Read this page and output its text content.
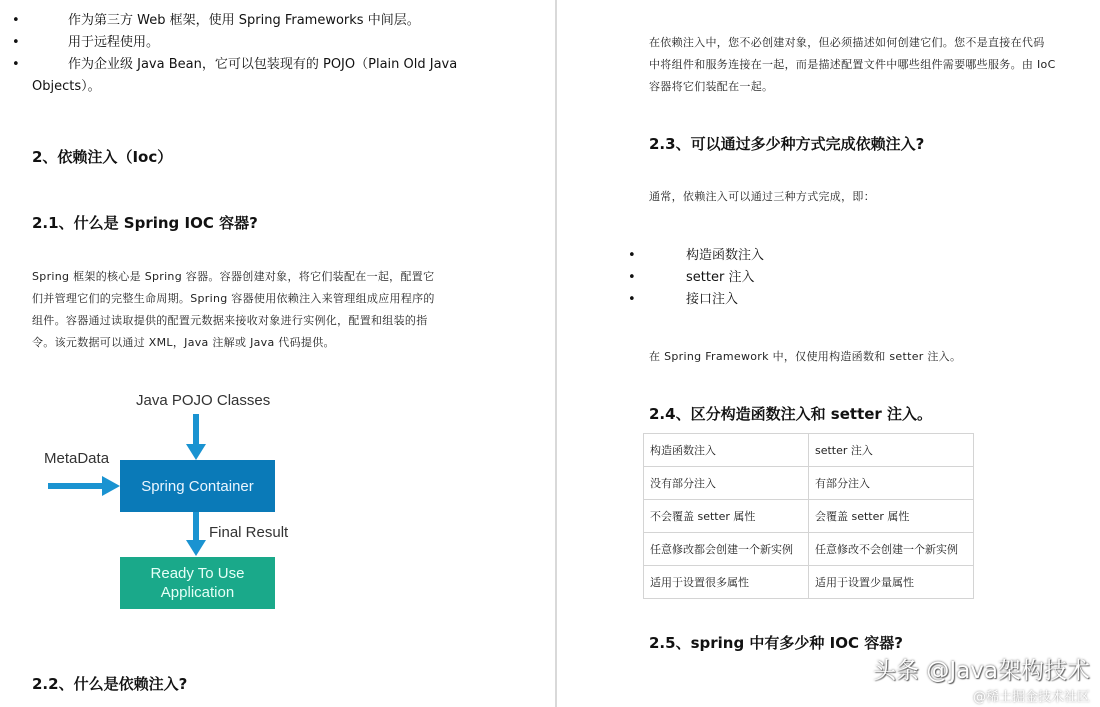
•	作为第三方 Web 框架，使用 Spring Frameworks 中间层。
•	用于远程使用。
•	作为企业级 Java Bean，它可以包装现有的 POJO（Plain Old Java
Objects）。
2、依赖注入（Ioc）
2.1、什么是 Spring IOC 容器?
Spring 框架的核心是 Spring 容器。容器创建对象，将它们装配在一起，配置它
们并管理它们的完整生命周期。Spring 容器使用依赖注入来管理组成应用程序的
组件。容器通过读取提供的配置元数据来接收对象进行实例化，配置和组装的指
令。该元数据可以通过 XML，Java 注解或 Java 代码提供。
Java POJO Classes
MetaData
Final Result
Spring Container
Ready To Use
Application
2.2、什么是依赖注入?
在依赖注入中，您不必创建对象，但必须描述如何创建它们。您不是直接在代码
中将组件和服务连接在一起，而是描述配置文件中哪些组件需要哪些服务。由 IoC
容器将它们装配在一起。
2.3、可以通过多少种方式完成依赖注入?
通常，依赖注入可以通过三种方式完成，即：
•	构造函数注入
•	setter 注入
•	接口注入
在 Spring Framework 中，仅使用构造函数和 setter 注入。
2.4、区分构造函数注入和 setter 注入。
构造函数注入	setter 注入
没有部分注入	有部分注入
不会覆盖 setter 属性	会覆盖 setter 属性
任意修改都会创建一个新实例	任意修改不会创建一个新实例
适用于设置很多属性	适用于设置少量属性
2.5、spring 中有多少种 IOC 容器?
头条 @Java架构技术
@稀土掘金技术社区
